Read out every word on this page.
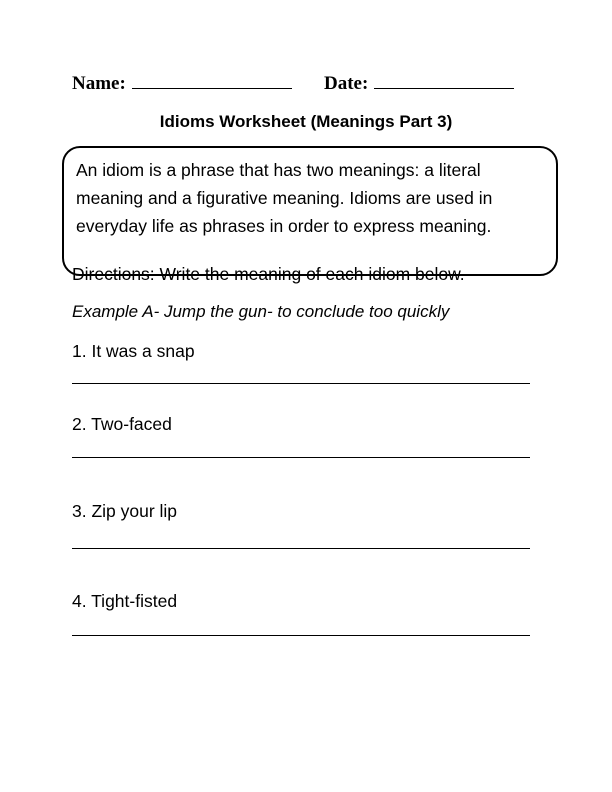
Name:	Date:
Idioms Worksheet (Meanings Part 3)
An idiom is a phrase that has two meanings: a literal
meaning and a figurative meaning. Idioms are used in
everyday life as phrases in order to express meaning.
Directions: Write the meaning of each idiom below.
Example A- Jump the gun- to conclude too quickly
1. It was a snap
2. Two-faced
3. Zip your lip
4. Tight-fisted
